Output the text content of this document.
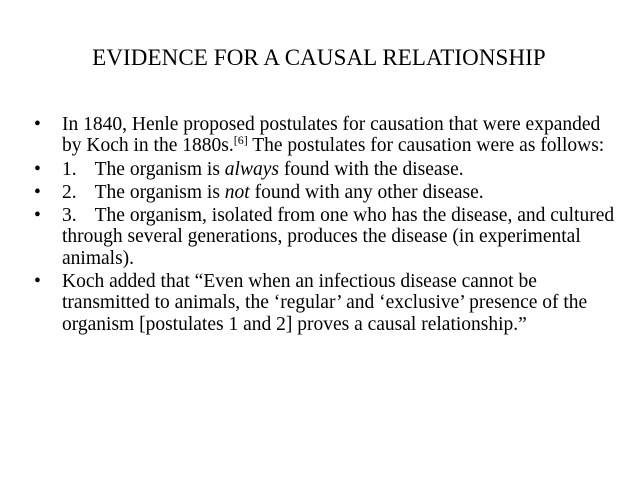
EVIDENCE FOR A CAUSAL RELATIONSHIP
•	In 1840, Henle proposed postulates for causation that were expanded by Koch in the 1880s.[6] The postulates for causation were as follows:
•	1. The organism is always found with the disease.
•	2. The organism is not found with any other disease.
•	3. The organism, isolated from one who has the disease, and cultured through several generations, produces the disease (in experimental animals).
•	Koch added that “Even when an infectious disease cannot be transmitted to animals, the ‘regular’ and ‘exclusive’ presence of the organism [postulates 1 and 2] proves a causal relationship.”
